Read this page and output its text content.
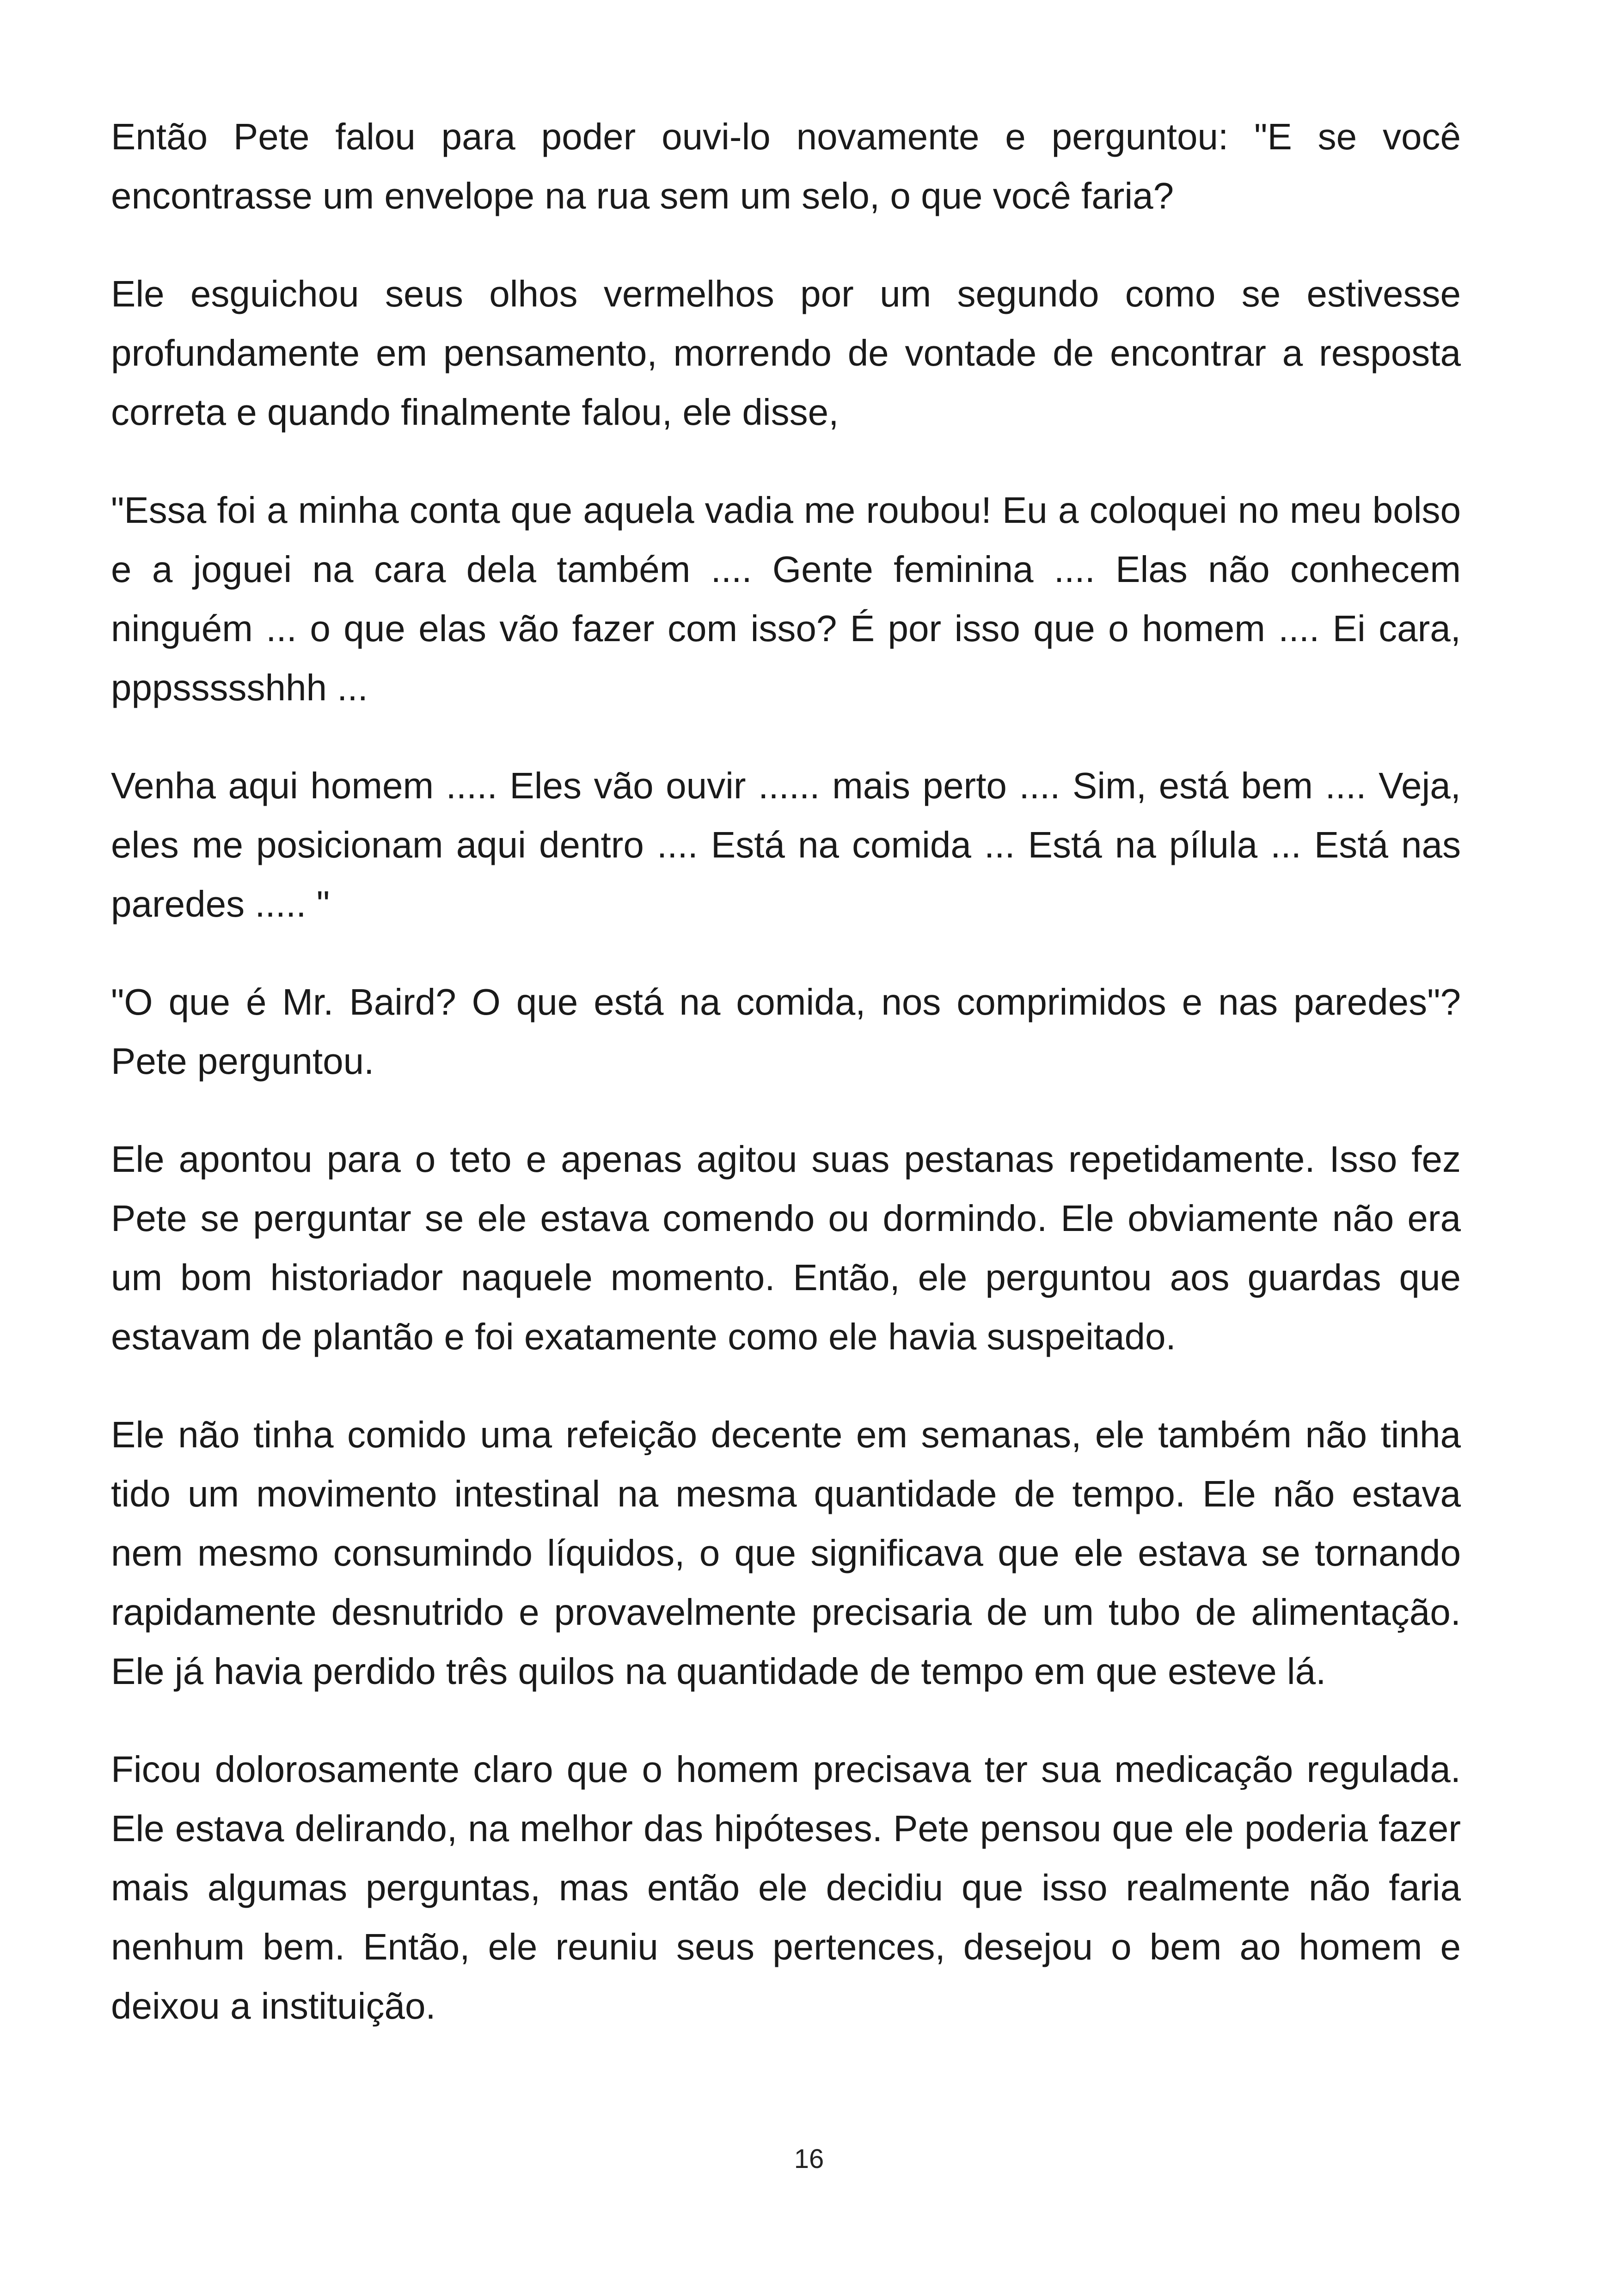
Então Pete falou para poder ouvi-lo novamente e perguntou: "E se você encontrasse um envelope na rua sem um selo, o que você faria?

Ele esguichou seus olhos vermelhos por um segundo como se estivesse profundamente em pensamento, morrendo de vontade de encontrar a resposta correta e quando finalmente falou, ele disse,

"Essa foi a minha conta que aquela vadia me roubou! Eu a coloquei no meu bolso e a joguei na cara dela também .... Gente feminina .... Elas não conhecem ninguém ... o que elas vão fazer com isso? É por isso que o homem .... Ei cara, pppssssshhh ...

Venha aqui homem ..... Eles vão ouvir ...... mais perto .... Sim, está bem .... Veja, eles me posicionam aqui dentro .... Está na comida ... Está na pílula ... Está nas paredes ..... "

"O que é Mr. Baird? O que está na comida, nos comprimidos e nas paredes"? Pete perguntou.

Ele apontou para o teto e apenas agitou suas pestanas repetidamente. Isso fez Pete se perguntar se ele estava comendo ou dormindo. Ele obviamente não era um bom historiador naquele momento. Então, ele perguntou aos guardas que estavam de plantão e foi exatamente como ele havia suspeitado.

Ele não tinha comido uma refeição decente em semanas, ele também não tinha tido um movimento intestinal na mesma quantidade de tempo. Ele não estava nem mesmo consumindo líquidos, o que significava que ele estava se tornando rapidamente desnutrido e provavelmente precisaria de um tubo de alimentação. Ele já havia perdido três quilos na quantidade de tempo em que esteve lá.

Ficou dolorosamente claro que o homem precisava ter sua medicação regulada. Ele estava delirando, na melhor das hipóteses. Pete pensou que ele poderia fazer mais algumas perguntas, mas então ele decidiu que isso realmente não faria nenhum bem. Então, ele reuniu seus pertences, desejou o bem ao homem e deixou a instituição.

16
